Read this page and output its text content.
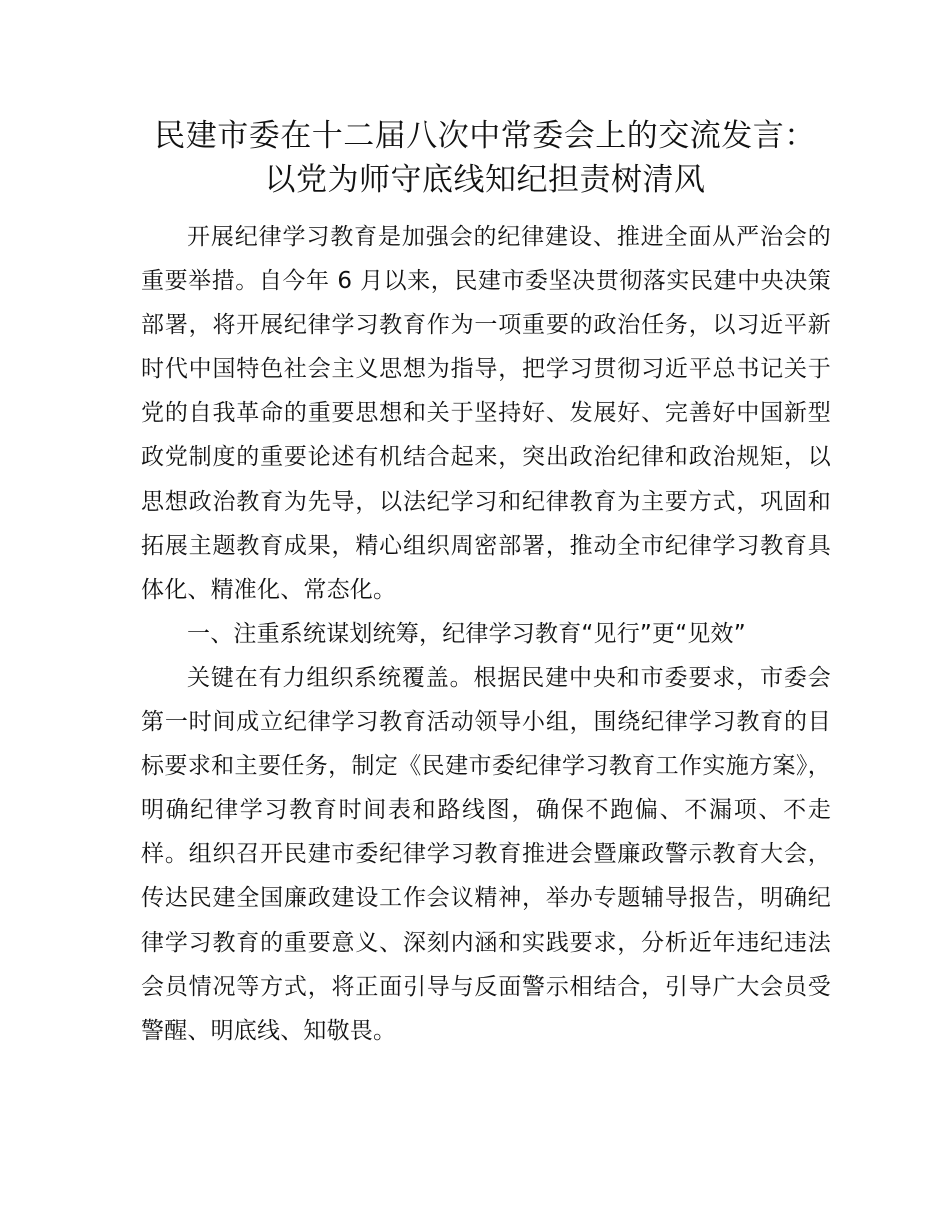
民建市委在十二届八次中常委会上的交流发言：
以党为师守底线知纪担责树清风

开展纪律学习教育是加强会的纪律建设、推进全面从严治会的重要举措。自今年 6 月以来，民建市委坚决贯彻落实民建中央决策部署，将开展纪律学习教育作为一项重要的政治任务，以习近平新时代中国特色社会主义思想为指导，把学习贯彻习近平总书记关于党的自我革命的重要思想和关于坚持好、发展好、完善好中国新型政党制度的重要论述有机结合起来，突出政治纪律和政治规矩，以思想政治教育为先导，以法纪学习和纪律教育为主要方式，巩固和拓展主题教育成果，精心组织周密部署，推动全市纪律学习教育具体化、精准化、常态化。

一、注重系统谋划统筹，纪律学习教育“见行”更“见效”

关键在有力组织系统覆盖。根据民建中央和市委要求，市委会第一时间成立纪律学习教育活动领导小组，围绕纪律学习教育的目标要求和主要任务，制定《民建市委纪律学习教育工作实施方案》，明确纪律学习教育时间表和路线图，确保不跑偏、不漏项、不走样。组织召开民建市委纪律学习教育推进会暨廉政警示教育大会，传达民建全国廉政建设工作会议精神，举办专题辅导报告，明确纪律学习教育的重要意义、深刻内涵和实践要求，分析近年违纪违法会员情况等方式，将正面引导与反面警示相结合，引导广大会员受警醒、明底线、知敬畏。
